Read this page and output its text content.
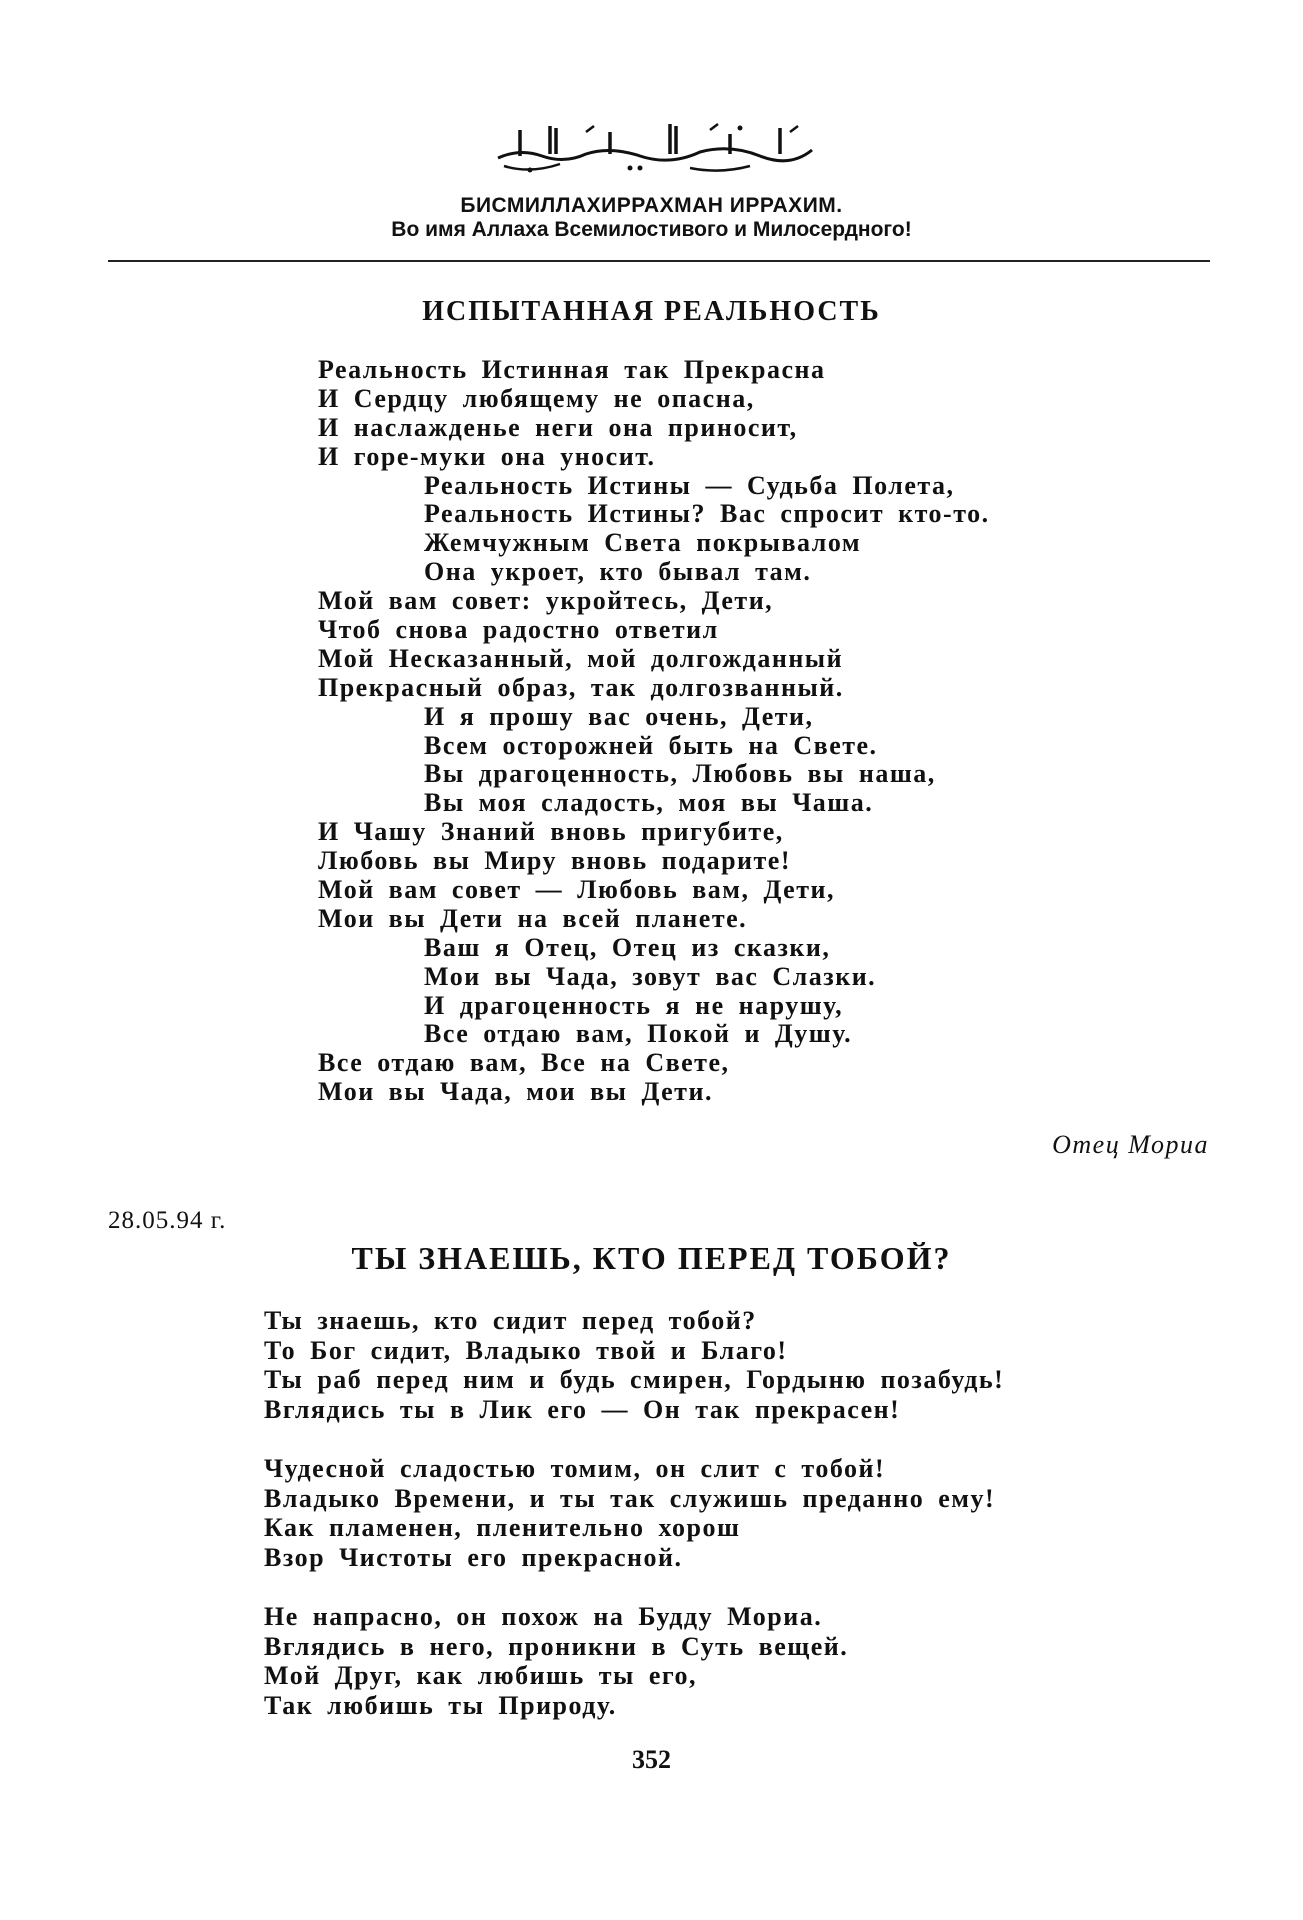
БИСМИЛЛАХИРРАХМАН ИРРАХИМ.
Во имя Аллаха Всемилостивого и Милосердного!
ИСПЫТАННАЯ РЕАЛЬНОСТЬ
Реальность Истинная так Прекрасна
И Сердцу любящему не опасна,
И наслажденье неги она приносит,
И горе-муки она уносит.
Реальность Истины — Судьба Полета,
Реальность Истины? Вас спросит кто-то.
Жемчужным Света покрывалом
Она укроет, кто бывал там.
Мой вам совет: укройтесь, Дети,
Чтоб снова радостно ответил
Мой Несказанный, мой долгожданный
Прекрасный образ, так долгозванный.
И я прошу вас очень, Дети,
Всем осторожней быть на Свете.
Вы драгоценность, Любовь вы наша,
Вы моя сладость, моя вы Чаша.
И Чашу Знаний вновь пригубите,
Любовь вы Миру вновь подарите!
Мой вам совет — Любовь вам, Дети,
Мои вы Дети на всей планете.
Ваш я Отец, Отец из сказки,
Мои вы Чада, зовут вас Слазки.
И драгоценность я не нарушу,
Все отдаю вам, Покой и Душу.
Все отдаю вам, Все на Свете,
Мои вы Чада, мои вы Дети.
Отец Мориа
28.05.94 г.
ТЫ ЗНАЕШЬ, КТО ПЕРЕД ТОБОЙ?
Ты знаешь, кто сидит перед тобой?
То Бог сидит, Владыко твой и Благо!
Ты раб перед ним и будь смирен, Гордыню позабудь!
Вглядись ты в Лик его — Он так прекрасен!
Чудесной сладостью томим, он слит с тобой!
Владыко Времени, и ты так служишь преданно ему!
Как пламенен, пленительно хорош
Взор Чистоты его прекрасной.
Не напрасно, он похож на Будду Мориа.
Вглядись в него, проникни в Суть вещей.
Мой Друг, как любишь ты его,
Так любишь ты Природу.
352
